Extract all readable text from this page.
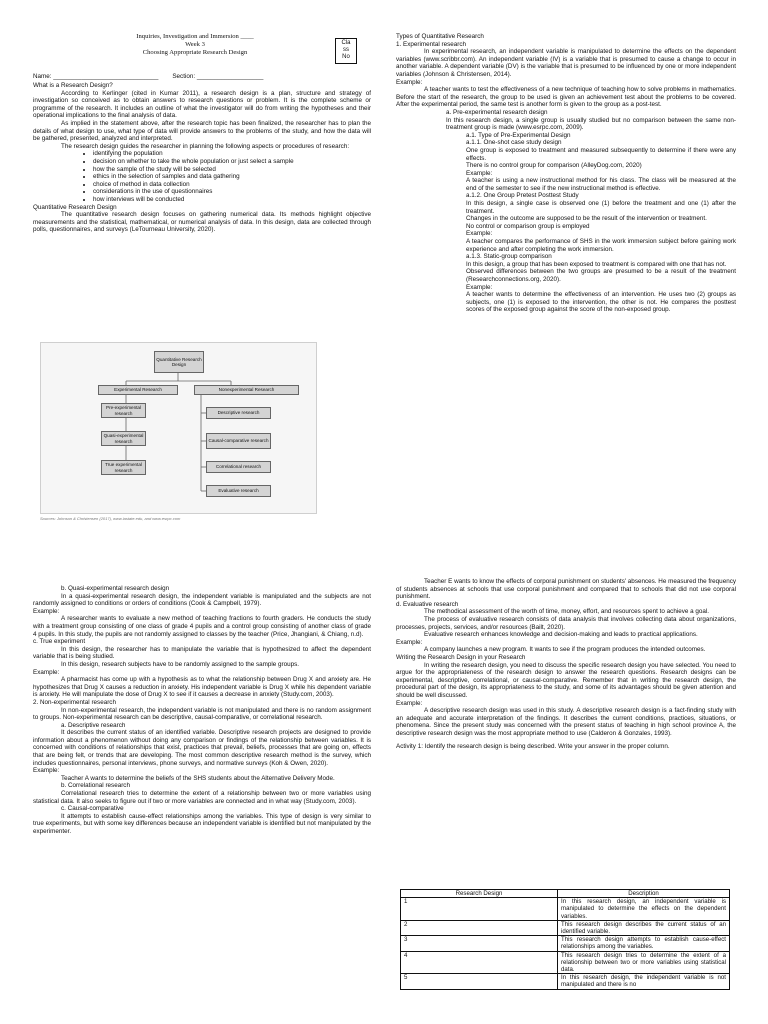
Inquiries, Investigation and Immersion ____
Week 3
Choosing Appropriate Research Design
Cla
ss
No
Name: ______________________________        Section: ___________________

What is a Research Design?

According to Kerlinger (cited in Kumar 2011), a research design is a plan, structure and strategy of investigation so conceived as to obtain answers to research questions or problem. It is the complete scheme or programme of the research. It includes an outline of what the investigator will do from writing the hypotheses and their operational implications to the final analysis of data.

As implied in the statement above, after the research topic has been finalized, the researcher has to plan the details of what design to use, what type of data will provide answers to the problems of the study, and how the data will be gathered, presented, analyzed and interpreted.

The research design guides the researcher in planning the following aspects or procedures of research:

• identifying the population
• decision on whether to take the whole population or just select a sample
• how the sample of the study will be selected
• ethics in the selection of samples and data gathering
• choice of method in data collection
• considerations in the use of questionnaires
• how interviews will be conducted

Quantitative Research Design

The quantitative research design focuses on gathering numerical data. Its methods highlight objective measurements and the statistical, mathematical, or numerical analysis of data. In this design, data are collected through polls, questionnaires, and surveys (LeTourneau University, 2020).

Quantitative Research Design
Experimental Research	Nonexperimental Research
Pre-experimental research
Quasi-experimental research
True experimental research
Descriptive research
Causal-comparative research
Correlational research
Evaluative research
Sources: Johnson & Christensen (2017), www.iastate.edu, and www.esrpc.com

Types of Quantitative Research

1. Experimental research

In experimental research, an independent variable is manipulated to determine the effects on the dependent variables (www.scribbr.com). An independent variable (IV) is a variable that is presumed to cause a change to occur in another variable. A dependent variable (DV) is the variable that is presumed to be influenced by one or more independent variables (Johnson & Christensen, 2014).

Example:

A teacher wants to test the effectiveness of a new technique of teaching how to solve problems in mathematics. Before the start of the research, the group to be used is given an achievement test about the problems to be covered. After the experimental period, the same test is another form is given to the group as a post-test.

a. Pre-experimental research design

In this research design, a single group is usually studied but no comparison between the same non-treatment group is made (www.esrpc.com, 2009).

a.1. Type of Pre-Experimental Design

a.1.1. One-shot case study design

One group is exposed to treatment and measured subsequently to determine if there were any effects.

There is no control group for comparison (AlleyDog.com, 2020)

Example:

A teacher is using a new instructional method for his class. The class will be measured at the end of the semester to see if the new instructional method is effective.

a.1.2. One Group Pretest Posttest Study

In this design, a single case is observed one (1) before the treatment and one (1) after the treatment.

Changes in the outcome are supposed to be the result of the intervention or treatment.

No control or comparison group is employed

Example:

A teacher compares the performance of SHS in the work immersion subject before gaining work experience and after completing the work immersion.

a.1.3. Static-group comparison

In this design, a group that has been exposed to treatment is compared with one that has not.

Observed differences between the two groups are presumed to be a result of the treatment (Researchconnections.org, 2020).

Example:

A teacher wants to determine the effectiveness of an intervention. He uses two (2) groups as subjects, one (1) is exposed to the intervention, the other is not. He compares the posttest scores of the exposed group against the score of the non-exposed group.

b. Quasi-experimental research design

In a quasi-experimental research design, the independent variable is manipulated and the subjects are not randomly assigned to conditions or orders of conditions (Cook & Campbell, 1979).

Example:

A researcher wants to evaluate a new method of teaching fractions to fourth graders. He conducts the study with a treatment group consisting of one class of grade 4 pupils and a control group consisting of another class of grade 4 pupils. In this study, the pupils are not randomly assigned to classes by the teacher (Price, Jhangiani, & Chiang, n.d).

c. True experiment

In this design, the researcher has to manipulate the variable that is hypothesized to affect the dependent variable that is being studied.

In this design, research subjects have to be randomly assigned to the sample groups.

Example:

A pharmacist has come up with a hypothesis as to what the relationship between Drug X and anxiety are. He hypothesizes that Drug X causes a reduction in anxiety. His independent variable is Drug X while his dependent variable is anxiety. He will manipulate the dose of Drug X to see if it causes a decrease in anxiety (Study.com, 2003).

2. Non-experimental research

In non-experimental research, the independent variable is not manipulated and there is no random assignment to groups. Non-experimental research can be descriptive, causal-comparative, or correlational research.

a. Descriptive research

It describes the current status of an identified variable. Descriptive research projects are designed to provide information about a phenomenon without doing any comparison or findings of the relationship between variables. It is concerned with conditions of relationships that exist, practices that prevail, beliefs, processes that are going on, effects that are being felt, or trends that are developing. The most common descriptive research method is the survey, which includes questionnaires, personal interviews, phone surveys, and normative surveys (Koh & Owen, 2020).

Example:

Teacher A wants to determine the beliefs of the SHS students about the Alternative Delivery Mode.

b. Correlational research

Correlational research tries to determine the extent of a relationship between two or more variables using statistical data. It also seeks to figure out if two or more variables are connected and in what way (Study.com, 2003).

c. Causal-comparative

It attempts to establish cause-effect relationships among the variables. This type of design is very similar to true experiments, but with some key differences because an independent variable is identified but not manipulated by the experimenter.

Teacher E wants to know the effects of corporal punishment on students' absences. He measured the frequency of students absences at schools that use corporal punishment and compared that to schools that did not use corporal punishment.

d. Evaluative research

The methodical assessment of the worth of time, money, effort, and resources spent to achieve a goal.

The process of evaluative research consists of data analysis that involves collecting data about organizations, processes, projects, services, and/or resources (Bailt, 2020).

Evaluative research enhances knowledge and decision-making and leads to practical applications.

Example:

A company launches a new program. It wants to see if the program produces the intended outcomes.

Writing the Research Design in your Research

In writing the research design, you need to discuss the specific research design you have selected. You need to argue for the appropriateness of the research design to answer the research questions. Research designs can be experimental, descriptive, correlational, or causal-comparative. Remember that in writing the research design, the procedural part of the design, its appropriateness to the study, and some of its advantages should be given attention and should be well discussed.

Example:

A descriptive research design was used in this study. A descriptive research design is a fact-finding study with an adequate and accurate interpretation of the findings. It describes the current conditions, practices, situations, or phenomena. Since the present study was concerned with the present status of teaching in high school province A, the descriptive research design was the most appropriate method to use (Calderon & Gonzales, 1993).

Activity 1: Identify the research design is being described. Write your answer in the proper column.

Research Design	Description
1	In this research design, an independent variable is manipulated to determine the effects on the dependent variables.
2	This research design describes the current status of an identified variable.
3	This research design attempts to establish cause-effect relationships among the variables.
4	This research design tries to determine the extent of a relationship between two or more variables using statistical data.
5	In this research design, the independent variable is not manipulated and there is no
